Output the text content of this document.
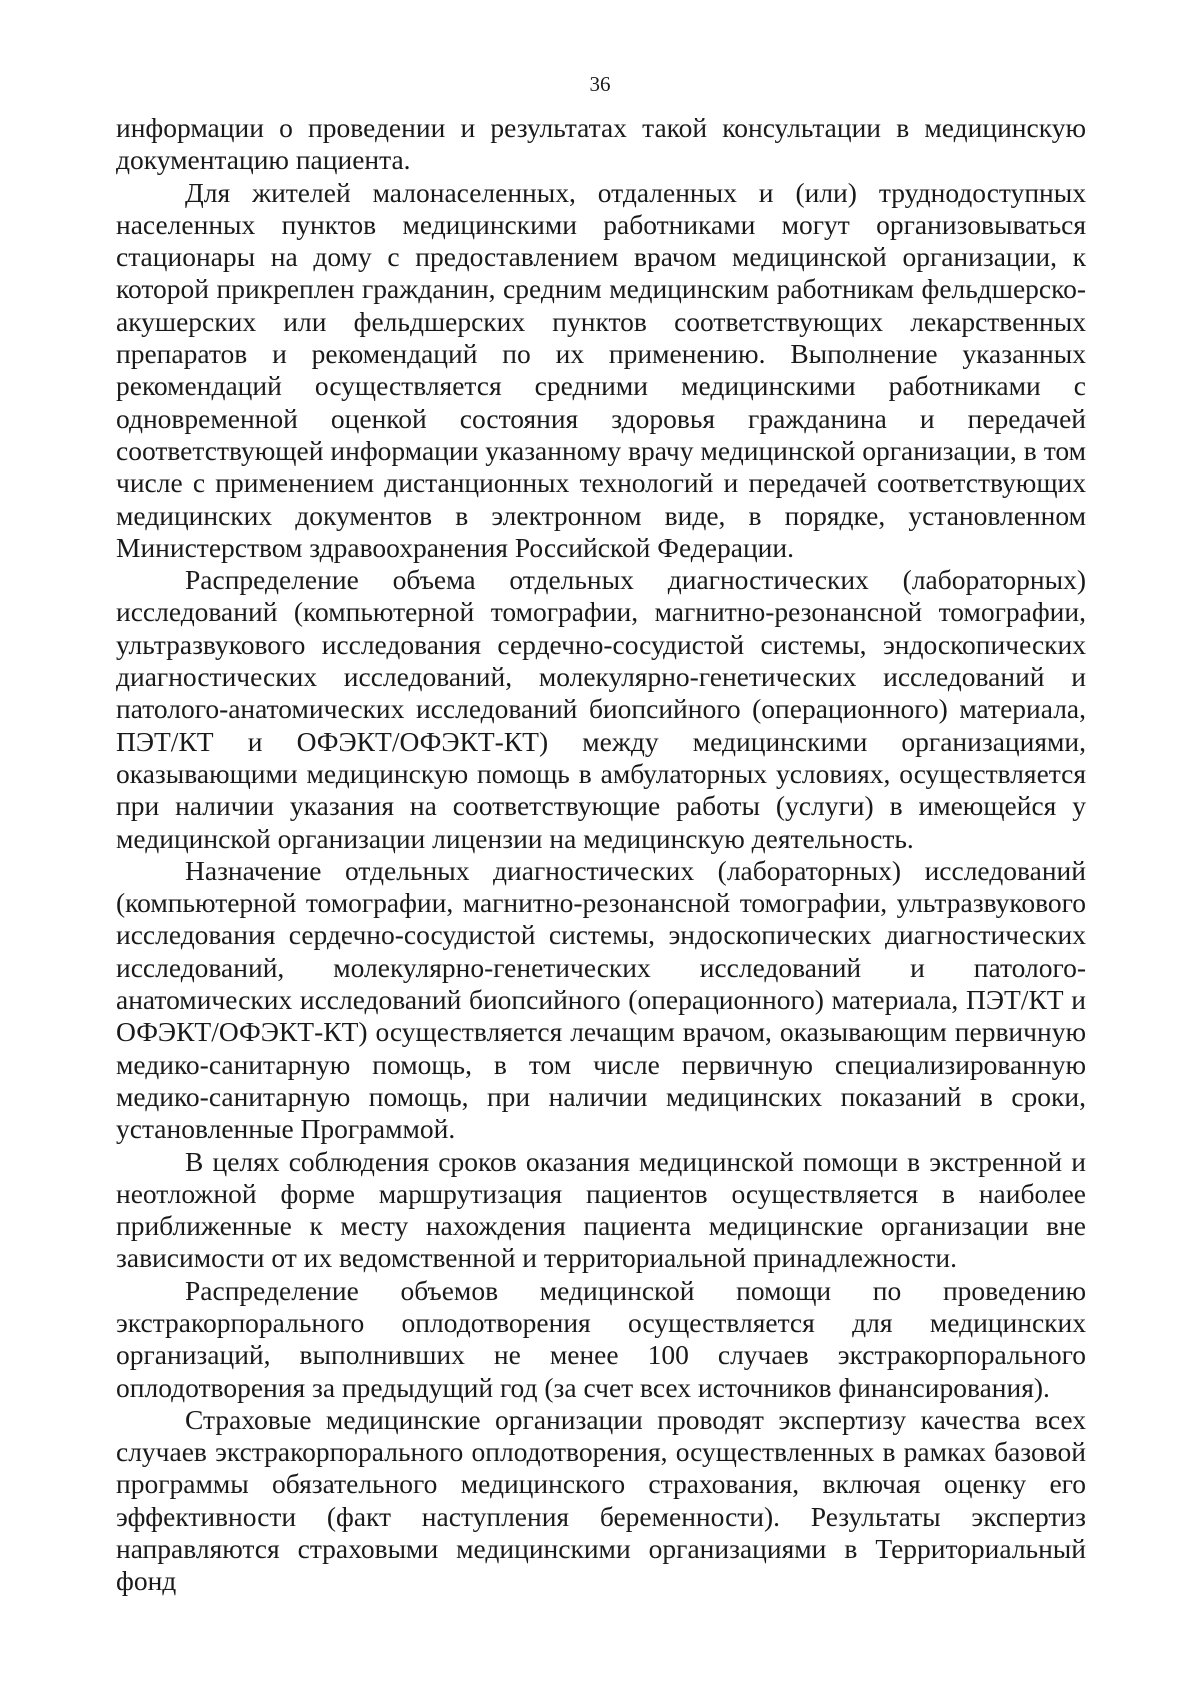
36

информации о проведении и результатах такой консультации в медицинскую документацию пациента.

Для жителей малонаселенных, отдаленных и (или) труднодоступных населенных пунктов медицинскими работниками могут организовываться стационары на дому с предоставлением врачом медицинской организации, к которой прикреплен гражданин, средним медицинским работникам фельдшерско-акушерских или фельдшерских пунктов соответствующих лекарственных препаратов и рекомендаций по их применению. Выполнение указанных рекомендаций осуществляется средними медицинскими работниками с одновременной оценкой состояния здоровья гражданина и передачей соответствующей информации указанному врачу медицинской организации, в том числе с применением дистанционных технологий и передачей соответствующих медицинских документов в электронном виде, в порядке, установленном Министерством здравоохранения Российской Федерации.

Распределение объема отдельных диагностических (лабораторных) исследований (компьютерной томографии, магнитно-резонансной томографии, ультразвукового исследования сердечно-сосудистой системы, эндоскопических диагностических исследований, молекулярно-генетических исследований и патолого-анатомических исследований биопсийного (операционного) материала, ПЭТ/КТ и ОФЭКТ/ОФЭКТ-КТ) между медицинскими организациями, оказывающими медицинскую помощь в амбулаторных условиях, осуществляется при наличии указания на соответствующие работы (услуги) в имеющейся у медицинской организации лицензии на медицинскую деятельность.

Назначение отдельных диагностических (лабораторных) исследований (компьютерной томографии, магнитно-резонансной томографии, ультразвукового исследования сердечно-сосудистой системы, эндоскопических диагностических исследований, молекулярно-генетических исследований и патолого-анатомических исследований биопсийного (операционного) материала, ПЭТ/КТ и ОФЭКТ/ОФЭКТ-КТ) осуществляется лечащим врачом, оказывающим первичную медико-санитарную помощь, в том числе первичную специализированную медико-санитарную помощь, при наличии медицинских показаний в сроки, установленные Программой.

В целях соблюдения сроков оказания медицинской помощи в экстренной и неотложной форме маршрутизация пациентов осуществляется в наиболее приближенные к месту нахождения пациента медицинские организации вне зависимости от их ведомственной и территориальной принадлежности.

Распределение объемов медицинской помощи по проведению экстракорпорального оплодотворения осуществляется для медицинских организаций, выполнивших не менее 100 случаев экстракорпорального оплодотворения за предыдущий год (за счет всех источников финансирования).

Страховые медицинские организации проводят экспертизу качества всех случаев экстракорпорального оплодотворения, осуществленных в рамках базовой программы обязательного медицинского страхования, включая оценку его эффективности (факт наступления беременности). Результаты экспертиз направляются страховыми медицинскими организациями в Территориальный фонд
